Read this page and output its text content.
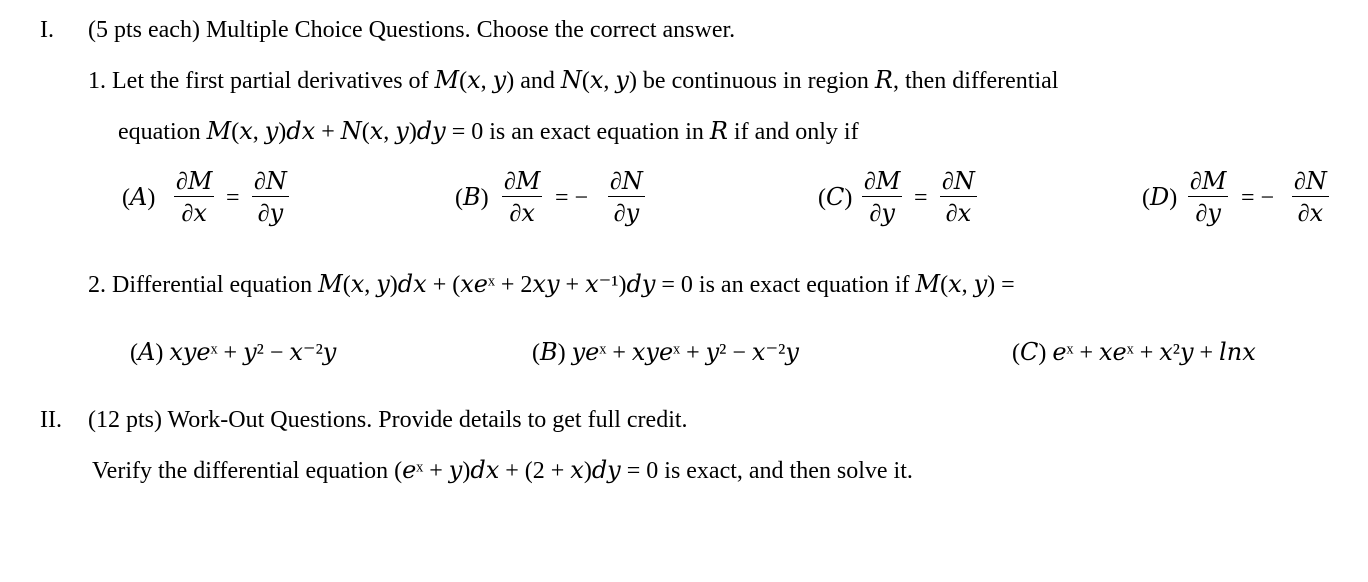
I. (5 pts each) Multiple Choice Questions. Choose the correct answer.
1. Let the first partial derivatives of 𝑀(𝑥, 𝑦) and 𝑁(𝑥, 𝑦) be continuous in region 𝑅, then differential
equation 𝑀(𝑥, 𝑦)𝑑𝑥 + 𝑁(𝑥, 𝑦)𝑑𝑦 = 0 is an exact equation in 𝑅 if and only if
(𝐴)
∂𝑀
∂𝑥
=
∂𝑁
∂𝑦
(𝐵)
∂𝑀
∂𝑥
= −
∂𝑁
∂𝑦
(𝐶)
∂𝑀
∂𝑦
=
∂𝑁
∂𝑥
(𝐷)
∂𝑀
∂𝑦
= −
∂𝑁
∂𝑥
2. Differential equation 𝑀(𝑥, 𝑦)𝑑𝑥 + (𝑥𝑒ˣ + 2𝑥𝑦 + 𝑥⁻¹)𝑑𝑦 = 0 is an exact equation if 𝑀(𝑥, 𝑦) =
(𝐴) 𝑥𝑦𝑒ˣ + 𝑦² − 𝑥⁻²𝑦	(𝐵) 𝑦𝑒ˣ + 𝑥𝑦𝑒ˣ + 𝑦² − 𝑥⁻²𝑦	(𝐶) 𝑒ˣ + 𝑥𝑒ˣ + 𝑥²𝑦 + 𝑙𝑛𝑥
II. (12 pts) Work-Out Questions. Provide details to get full credit.
Verify the differential equation (𝑒ˣ + 𝑦)𝑑𝑥 + (2 + 𝑥)𝑑𝑦 = 0 is exact, and then solve it.
